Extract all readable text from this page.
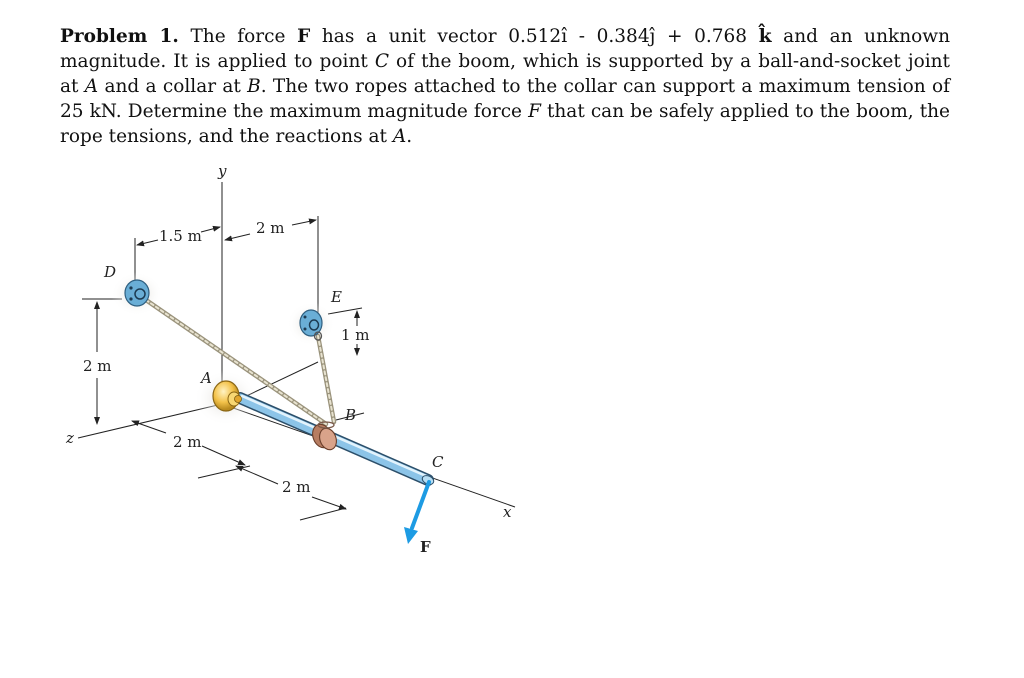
Problem 1. The force F has a unit vector 0.512î - 0.384ĵ + 0.768 k̂ and an unknown magnitude. It is applied to point C of the boom, which is supported by a ball-and-socket joint at A and a collar at B. The two ropes attached to the collar can support a maximum tension of 25 kN. Determine the maximum magnitude force F that can be safely applied to the boom, the rope tensions, and the reactions at A.
y
x
z
D
E
A
B
C
F
1.5 m	2 m
2 m
1 m
2 m
2 m
